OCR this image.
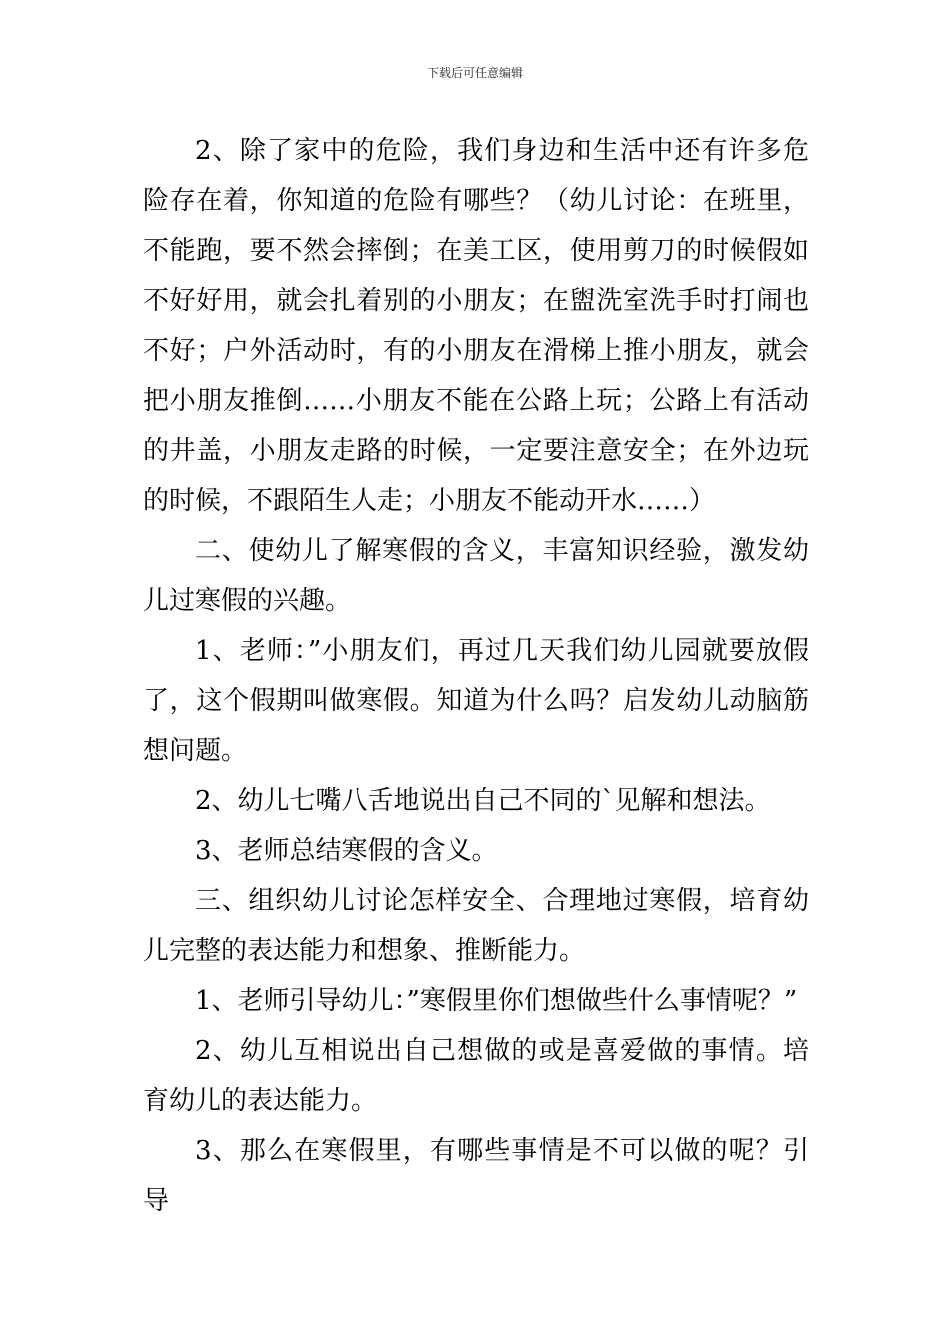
下载后可任意编辑

2、除了家中的危险，我们身边和生活中还有许多危险存在着，你知道的危险有哪些？（幼儿讨论：在班里，不能跑，要不然会摔倒；在美工区，使用剪刀的时候假如不好好用，就会扎着别的小朋友；在盥洗室洗手时打闹也不好；户外活动时，有的小朋友在滑梯上推小朋友，就会把小朋友推倒……小朋友不能在公路上玩；公路上有活动的井盖，小朋友走路的时候，一定要注意安全；在外边玩的时候，不跟陌生人走；小朋友不能动开水……）

二、使幼儿了解寒假的含义，丰富知识经验，激发幼儿过寒假的兴趣。

1、老师：”小朋友们，再过几天我们幼儿园就要放假了，这个假期叫做寒假。知道为什么吗？启发幼儿动脑筋想问题。

2、幼儿七嘴八舌地说出自己不同的`见解和想法。

3、老师总结寒假的含义。

三、组织幼儿讨论怎样安全、合理地过寒假，培育幼儿完整的表达能力和想象、推断能力。

1、老师引导幼儿：”寒假里你们想做些什么事情呢？”

2、幼儿互相说出自己想做的或是喜爱做的事情。培育幼儿的表达能力。

3、那么在寒假里，有哪些事情是不可以做的呢？引导
